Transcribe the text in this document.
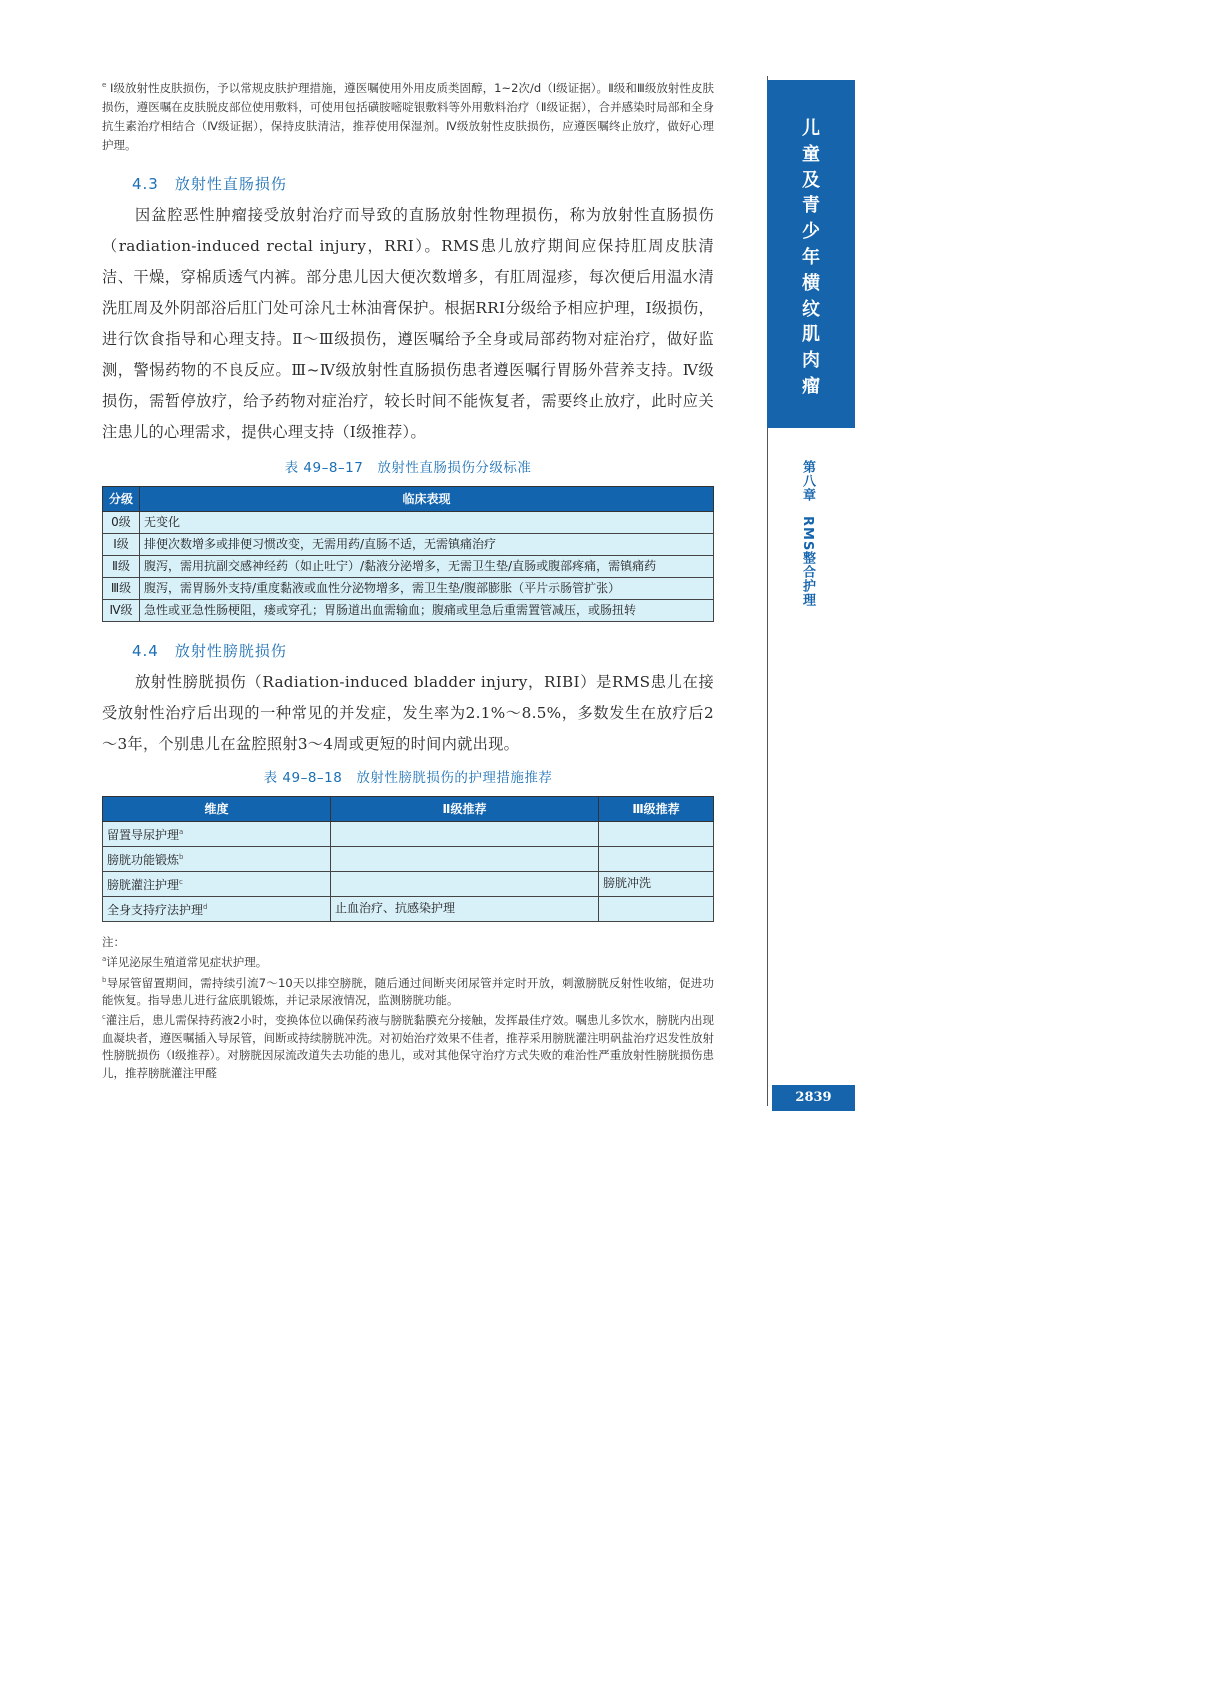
$^e$ Ⅰ级放射性皮肤损伤，予以常规皮肤护理措施，遵医嘱使用外用皮质类固醇，1~2次/d（Ⅰ级证据）。Ⅱ级和Ⅲ级放射性皮肤损伤，遵医嘱在皮肤脱皮部位使用敷料，可使用包括磺胺嘧啶银敷料等外用敷料治疗（Ⅱ级证据），合并感染时局部和全身抗生素治疗相结合（Ⅳ级证据），保持皮肤清洁，推荐使用保湿剂。Ⅳ级放射性皮肤损伤，应遵医嘱终止放疗，做好心理护理。
4.3　放射性直肠损伤

因盆腔恶性肿瘤接受放射治疗而导致的直肠放射性物理损伤，称为放射性直肠损伤（radiation-induced rectal injury，RRI）。RMS患儿放疗期间应保持肛周皮肤清洁、干燥，穿棉质透气内裤。部分患儿因大便次数增多，有肛周湿疹，每次便后用温水清洗肛周及外阴部浴后肛门处可涂凡士林油膏保护。根据RRI分级给予相应护理，Ⅰ级损伤，进行饮食指导和心理支持。Ⅱ～Ⅲ级损伤，遵医嘱给予全身或局部药物对症治疗，做好监测，警惕药物的不良反应。Ⅲ~Ⅳ级放射性直肠损伤患者遵医嘱行胃肠外营养支持。Ⅳ级损伤，需暂停放疗，给予药物对症治疗，较长时间不能恢复者，需要终止放疗，此时应关注患儿的心理需求，提供心理支持（Ⅰ级推荐）。

表 49–8–17　放射性直肠损伤分级标准
分级	临床表现
0级	无变化
Ⅰ级	排便次数增多或排便习惯改变，无需用药/直肠不适，无需镇痛治疗
Ⅱ级	腹泻，需用抗副交感神经药（如止吐宁）/黏液分泌增多，无需卫生垫/直肠或腹部疼痛，需镇痛药
Ⅲ级	腹泻，需胃肠外支持/重度黏液或血性分泌物增多，需卫生垫/腹部膨胀（平片示肠管扩张）
Ⅳ级	急性或亚急性肠梗阻，瘘或穿孔；胃肠道出血需输血；腹痛或里急后重需置管减压，或肠扭转
4.4　放射性膀胱损伤

放射性膀胱损伤（Radiation-induced bladder injury，RIBI）是RMS患儿在接受放射性治疗后出现的一种常见的并发症，发生率为2.1%～8.5%，多数发生在放疗后2～3年，个别患儿在盆腔照射3～4周或更短的时间内就出现。

表 49–8–18　放射性膀胱损伤的护理措施推荐
维度	Ⅱ级推荐	Ⅲ级推荐
留置导尿护理$^a$		
膀胱功能锻炼$^b$		
膀胱灌注护理$^c$		膀胱冲洗
全身支持疗法护理$^d$	止血治疗、抗感染护理	
注：
$^a$详见泌尿生殖道常见症状护理。
$^b$导尿管留置期间，需持续引流7～10天以排空膀胱，随后通过间断夹闭尿管并定时开放，刺激膀胱反射性收缩，促进功能恢复。指导患儿进行盆底肌锻炼，并记录尿液情况，监测膀胱功能。
$^c$灌注后，患儿需保持药液2小时，变换体位以确保药液与膀胱黏膜充分接触，发挥最佳疗效。嘱患儿多饮水，膀胱内出现血凝块者，遵医嘱插入导尿管，间断或持续膀胱冲洗。对初始治疗效果不佳者，推荐采用膀胱灌注明矾盐治疗迟发性放射性膀胱损伤（Ⅰ级推荐）。对膀胱因尿流改道失去功能的患儿，或对其他保守治疗方式失败的难治性严重放射性膀胱损伤患儿，推荐膀胱灌注甲醛
儿
童
及
青
少
年
横
纹
肌
肉
瘤
第八章　RMS整合护理
2839
